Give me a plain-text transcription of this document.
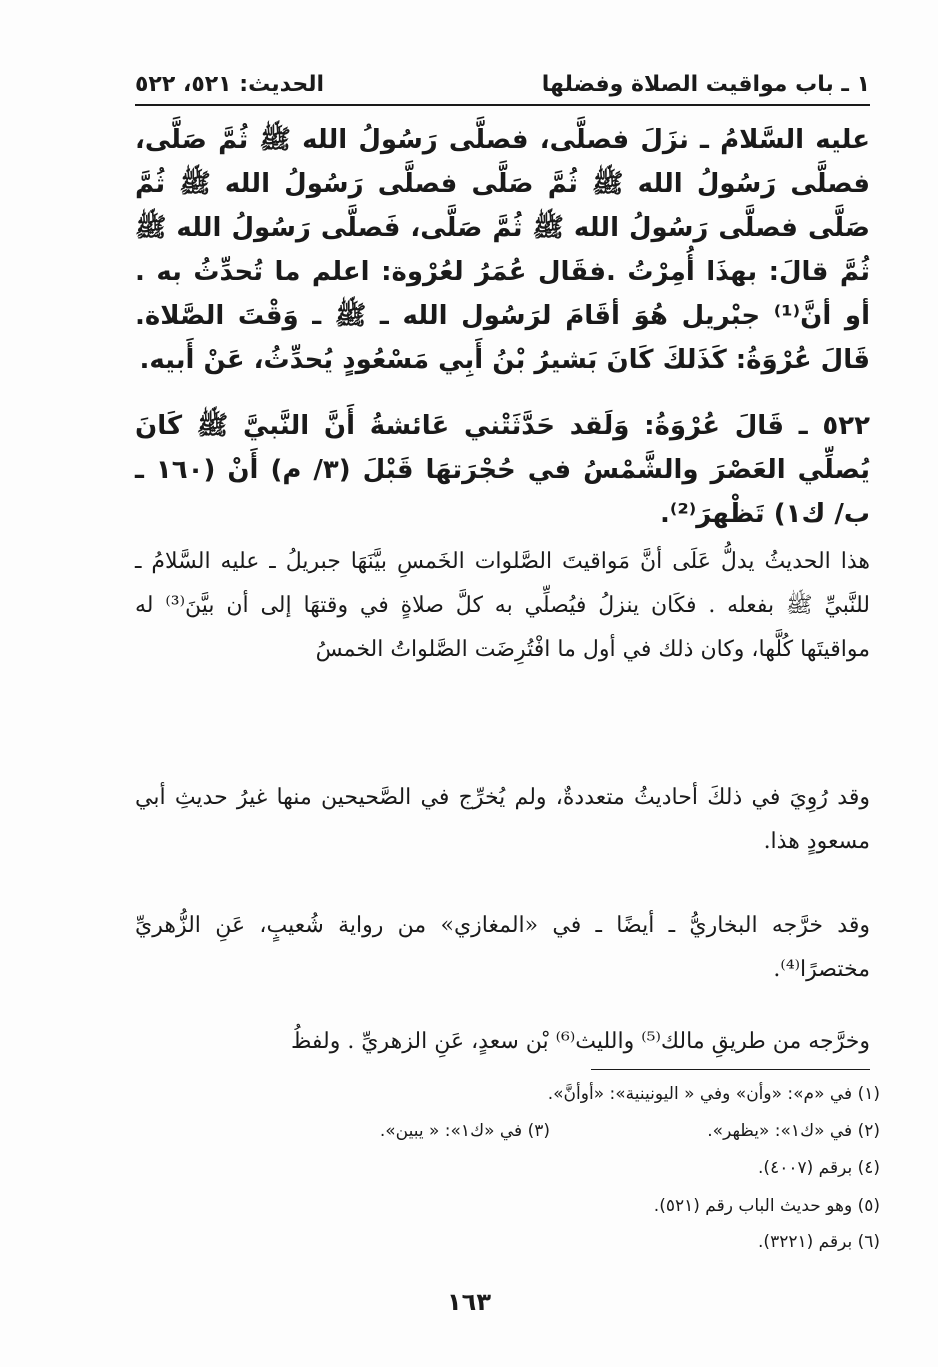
١ ـ باب مواقيت الصلاة وفضلها
الحديث: ٥٢١، ٥٢٢

عليه السَّلامُ ـ نزَلَ فصلَّى، فصلَّى رَسُولُ الله ﷺ ثُمَّ صَلَّى، فصلَّى رَسُولُ الله ﷺ ثُمَّ صَلَّى فصلَّى رَسُولُ الله ﷺ ثُمَّ صَلَّى فصلَّى رَسُولُ الله ﷺ ثُمَّ صَلَّى، فَصلَّى رَسُولُ الله ﷺ ثُمَّ قالَ: بهذَا أُمِرْتُ .فقَال عُمَرُ لعُرْوة: اعلم ما تُحدِّثُ به . أو أنَّ⁽¹⁾ جبْريل هُوَ أقَامَ لرَسُول الله ـ ﷺ ـ وَقْتَ الصَّلاة. قَالَ عُرْوَةُ: كَذَلكَ كَانَ بَشيرُ بْنُ أَبِي مَسْعُودٍ يُحدِّثُ، عَنْ أَبيه.

٥٢٢ ـ قَالَ عُرْوَةُ: وَلَقد حَدَّثَتْني عَائشةُ أَنَّ النَّبيَّ ﷺ كَانَ يُصلِّي العَصْرَ والشَّمْسُ في حُجْرَتهَا قَبْلَ (٣/ م) أَنْ (١٦٠ ـ ب/ ك١) تَظْهرَ⁽²⁾.

هذا الحديثُ يدلُّ عَلَى أنَّ مَواقيتَ الصَّلوات الخَمسِ بيَّنَهَا جبريلُ ـ عليه السَّلامُ ـ للنَّبيِّ ﷺ بفعله . فكَان ينزلُ فيُصلِّي به كلَّ صلاةٍ في وقتهَا إلى أن بيَّنَ⁽³⁾ له مواقيتَها كُلَّها، وكان ذلك في أول ما افْتُرِضَت الصَّلواتُ الخمسُ

وقد رُوِيَ في ذلكَ أحاديثُ متعددةٌ، ولم يُخرِّج في الصَّحيحين منها غيرُ حديثِ أبي مسعودٍ هذا.

وقد خرَّجه البخاريُّ ـ أيضًا ـ في «المغازي» من رواية شُعيبٍ، عَنِ الزُّهريِّ مختصرًا⁽⁴⁾.

وخرَّجه من طريقِ مالك⁽⁵⁾ والليث⁽⁶⁾ بْن سعدٍ، عَنِ الزهريِّ . ولفظُ

(١) في «م»: «وأن» وفي « اليونينية»: «أوأنَّ».
(٢) في «ك١»: «يظهر».
(٣) في «ك١»: « يبين».
(٤) برقم (٤٠٠٧).
(٥) وهو حديث الباب رقم (٥٢١).
(٦) برقم (٣٢٢١).
١٦٣
